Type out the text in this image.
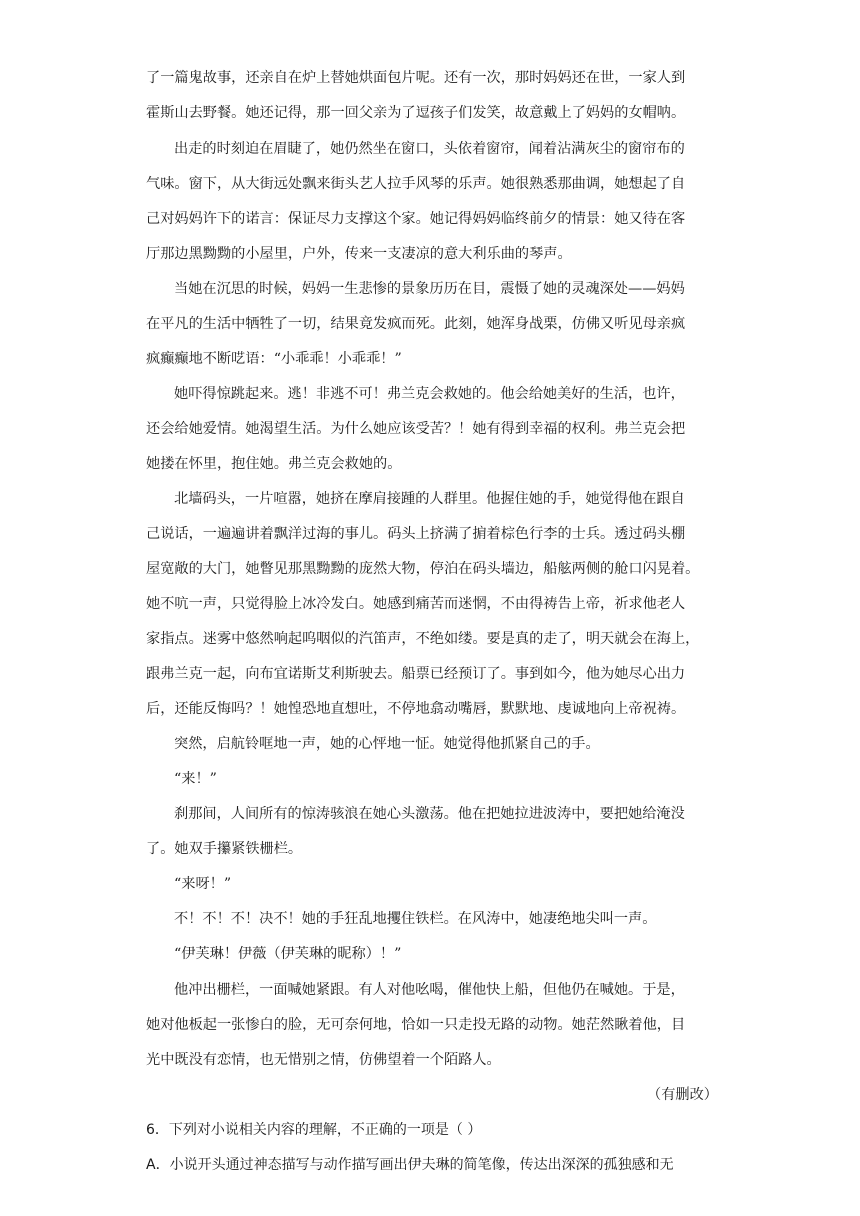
了一篇鬼故事，还亲自在炉上替她烘面包片呢。还有一次，那时妈妈还在世，一家人到
霍斯山去野餐。她还记得，那一回父亲为了逗孩子们发笑，故意戴上了妈妈的女帽呐。
出走的时刻迫在眉睫了，她仍然坐在窗口，头依着窗帘，闻着沾满灰尘的窗帘布的
气味。窗下，从大街远处飘来街头艺人拉手风琴的乐声。她很熟悉那曲调，她想起了自
己对妈妈许下的诺言：保证尽力支撑这个家。她记得妈妈临终前夕的情景：她又待在客
厅那边黑黝黝的小屋里，户外，传来一支凄凉的意大利乐曲的琴声。
当她在沉思的时候，妈妈一生悲惨的景象历历在目，震慑了她的灵魂深处——妈妈
在平凡的生活中牺牲了一切，结果竟发疯而死。此刻，她浑身战栗，仿佛又听见母亲疯
疯癫癫地不断呓语：“小乖乖！小乖乖！”
她吓得惊跳起来。逃！非逃不可！弗兰克会救她的。他会给她美好的生活，也许，
还会给她爱情。她渴望生活。为什么她应该受苦？！她有得到幸福的权利。弗兰克会把
她搂在怀里，抱住她。弗兰克会救她的。
北墙码头，一片喧嚣，她挤在摩肩接踵的人群里。他握住她的手，她觉得他在跟自
己说话，一遍遍讲着飘洋过海的事儿。码头上挤满了掮着棕色行李的士兵。透过码头棚
屋宽敞的大门，她瞥见那黑黝黝的庞然大物，停泊在码头墙边，船舷两侧的舱口闪晃着。
她不吭一声，只觉得脸上冰冷发白。她感到痛苦而迷惘，不由得祷告上帝，祈求他老人
家指点。迷雾中悠然响起呜咽似的汽笛声，不绝如缕。要是真的走了，明天就会在海上，
跟弗兰克一起，向布宜诺斯艾利斯驶去。船票已经预订了。事到如今，他为她尽心出力
后，还能反悔吗？！她惶恐地直想吐，不停地翕动嘴唇，默默地、虔诚地向上帝祝祷。
突然，启航铃哐地一声，她的心怦地一怔。她觉得他抓紧自己的手。
“来！”
刹那间，人间所有的惊涛骇浪在她心头激荡。他在把她拉进波涛中，要把她给淹没
了。她双手攥紧铁栅栏。
“来呀！”
不！不！不！决不！她的手狂乱地攫住铁栏。在风涛中，她凄绝地尖叫一声。
“伊芙琳！伊薇（伊芙琳的昵称）！”
他冲出栅栏，一面喊她紧跟。有人对他吆喝，催他快上船，但他仍在喊她。于是，
她对他板起一张惨白的脸，无可奈何地，恰如一只走投无路的动物。她茫然瞅着他，目
光中既没有恋情，也无惜别之情，仿佛望着一个陌路人。
（有删改）
6．下列对小说相关内容的理解，不正确的一项是（ ）
A．小说开头通过神态描写与动作描写画出伊夫琳的简笔像，传达出深深的孤独感和无
